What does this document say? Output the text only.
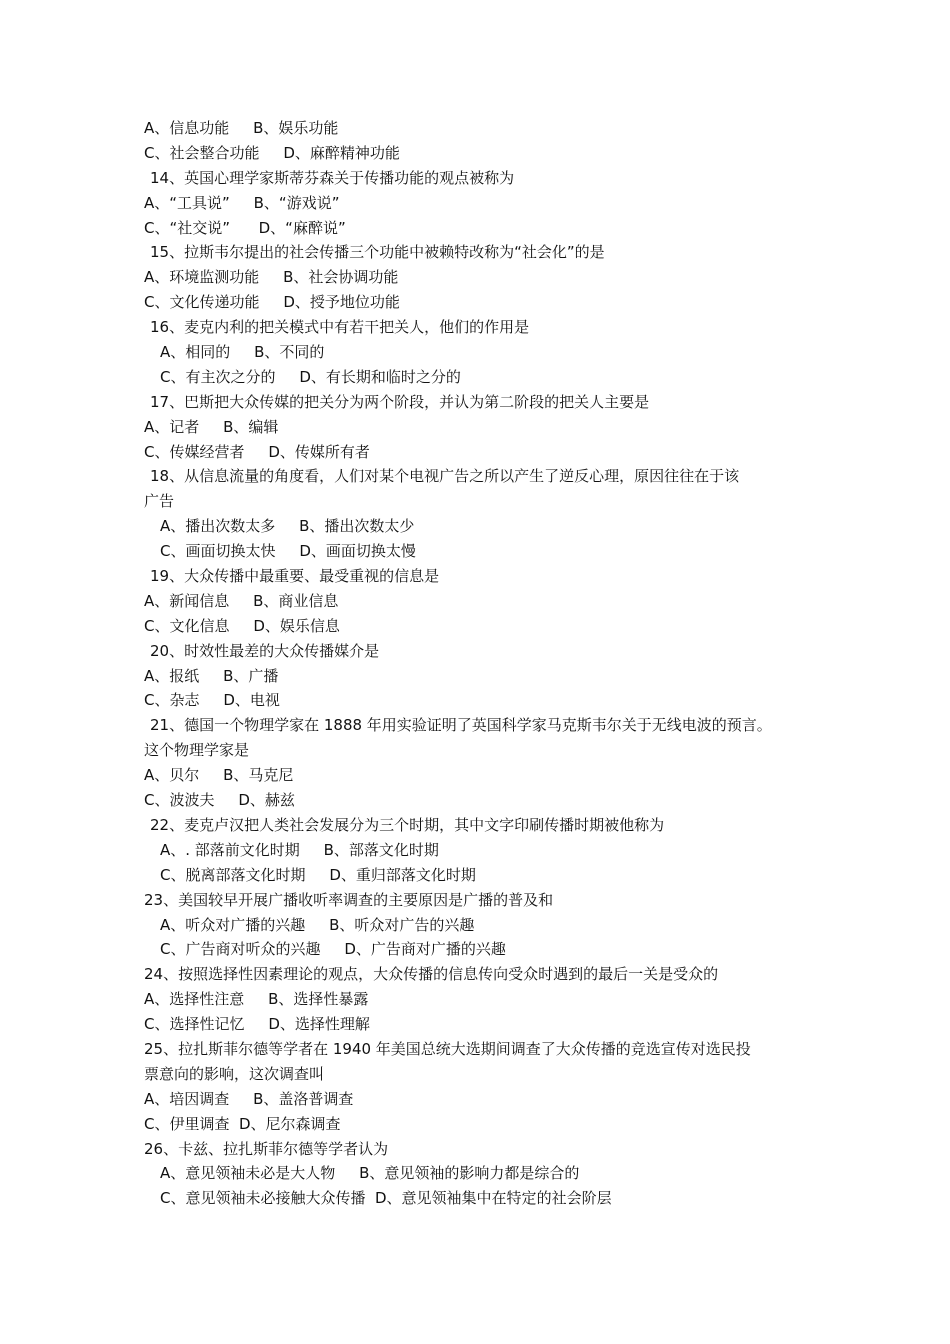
A、信息功能     B、娱乐功能
C、社会整合功能     D、麻醉精神功能
14、英国心理学家斯蒂芬森关于传播功能的观点被称为
A、“工具说”     B、“游戏说”
C、“社交说”      D、“麻醉说”
15、拉斯韦尔提出的社会传播三个功能中被赖特改称为“社会化”的是
A、环境监测功能     B、社会协调功能
C、文化传递功能     D、授予地位功能
16、麦克内利的把关模式中有若干把关人，他们的作用是
A、相同的     B、不同的
C、有主次之分的     D、有长期和临时之分的
17、巴斯把大众传媒的把关分为两个阶段，并认为第二阶段的把关人主要是
A、记者     B、编辑
C、传媒经营者     D、传媒所有者
18、从信息流量的角度看，人们对某个电视广告之所以产生了逆反心理，原因往往在于该
广告
A、播出次数太多     B、播出次数太少
C、画面切换太快     D、画面切换太慢
19、大众传播中最重要、最受重视的信息是
A、新闻信息     B、商业信息
C、文化信息     D、娱乐信息
20、时效性最差的大众传播媒介是
A、报纸     B、广播
C、杂志     D、电视
21、德国一个物理学家在 1888 年用实验证明了英国科学家马克斯韦尔关于无线电波的预言。
这个物理学家是
A、贝尔     B、马克尼
C、波波夫     D、赫兹
22、麦克卢汉把人类社会发展分为三个时期，其中文字印刷传播时期被他称为
A、. 部落前文化时期     B、部落文化时期
C、脱离部落文化时期     D、重归部落文化时期
23、美国较早开展广播收听率调查的主要原因是广播的普及和
A、听众对广播的兴趣     B、听众对广告的兴趣
C、广告商对听众的兴趣     D、广告商对广播的兴趣
24、按照选择性因素理论的观点，大众传播的信息传向受众时遇到的最后一关是受众的
A、选择性注意     B、选择性暴露
C、选择性记忆     D、选择性理解
25、拉扎斯菲尔德等学者在 1940 年美国总统大选期间调查了大众传播的竞选宣传对选民投
票意向的影响，这次调查叫
A、培因调查     B、盖洛普调查
C、伊里调查  D、尼尔森调查
26、卡兹、拉扎斯菲尔德等学者认为
A、意见领袖未必是大人物     B、意见领袖的影响力都是综合的
C、意见领袖未必接触大众传播  D、意见领袖集中在特定的社会阶层
